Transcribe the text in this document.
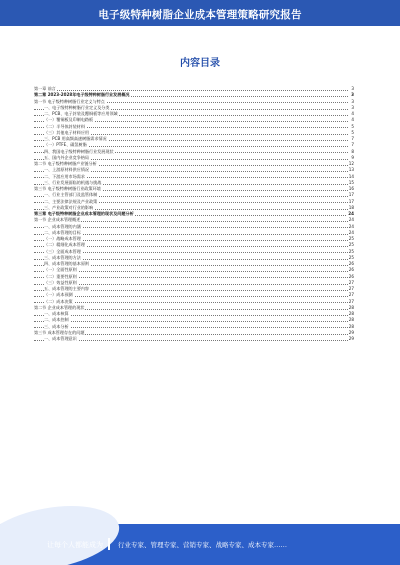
电子级特种树脂企业成本管理策略研究报告
内容目录
第一章 前言	3
第二章 2023-2028年电子级特种树脂行业发展概况	3
第一节 电子级特种树脂行业定义与特点	3
一、电子级特种树脂行业定义及分类	3
二、PCB、电子封装及覆铜板等应用领域	4
（一）覆铜板及印制电路板	4
（二）半导体封装材料	5
（三）其他电子材料应用	5
三、PCB 用高频高速树脂需求情况	7
（一）PTFE、碳氢树脂	7
四、我国电子级特种树脂行业发展现状	8
五、国内外企业竞争格局	9
第二节 电子级特种树脂产业链分析	12
一、上游原材料供应情况	13
二、下游应用市场需求	14
三、行业发展面临的机遇与挑战	15
第三节 电子级特种树脂行业政策环境	16
一、行业主管部门及监管体制	17
二、主要法律法规及产业政策	17
三、产业政策对行业的影响	18
第三章 电子级特种树脂企业成本管理的现状及问题分析	24
第一节 企业成本管理概述	24
一、成本管理的内涵	24
二、成本管理的目标	24
（一）战略成本管理	25
（二）精细化成本管理	25
（三）全面成本管理	25
三、成本管理的方法	25
四、成本管理的基本原则	26
（一）全面性原则	26
（二）重要性原则	26
（三）效益性原则	27
五、成本管理的主要内容	27
（一）成本预测	27
（二）成本决策	27
第二节 企业成本管理的现状	28
一、成本核算	28
二、成本控制	28
三、成本分析	28
第三节 成本管理存在的问题	29
一、成本管理意识	29
让每个人都能成为 行业专家、管理专家、营销专家、战略专家、成本专家……
